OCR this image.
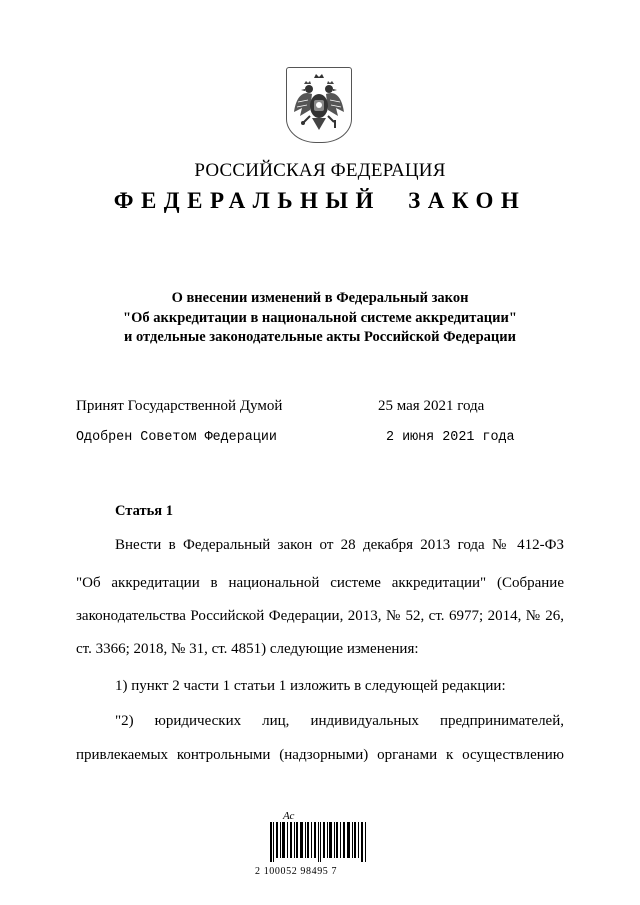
РОССИЙСКАЯ ФЕДЕРАЦИЯ
ФЕДЕРАЛЬНЫЙ ЗАКОН
О внесении изменений в Федеральный закон
"Об аккредитации в национальной системе аккредитации"
и отдельные законодательные акты Российской Федерации
Принят Государственной Думой	25 мая 2021 года
Одобрен Советом Федерации	2 июня 2021 года
Статья 1
Внести в Федеральный закон от 28 декабря 2013 года № 412-ФЗ
"Об аккредитации в национальной системе аккредитации" (Собрание
законодательства Российской Федерации, 2013, № 52, ст. 6977; 2014, № 26,
ст. 3366; 2018, № 31, ст. 4851) следующие изменения:
1) пункт 2 части 1 статьи 1 изложить в следующей редакции:
"2) юридических лиц, индивидуальных предпринимателей,
привлекаемых контрольными (надзорными) органами к осуществлению
Ас
2 100052 98495 7
